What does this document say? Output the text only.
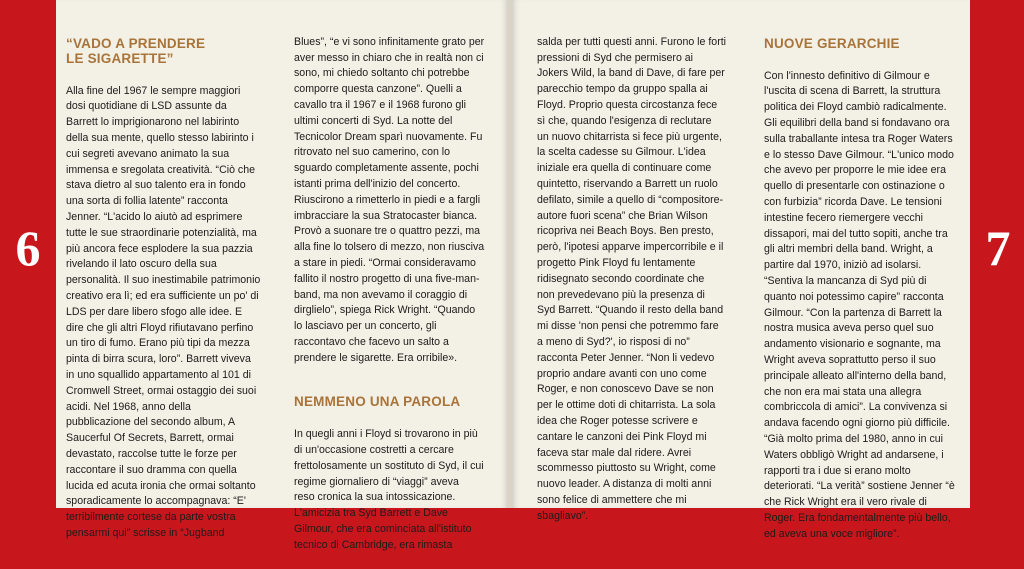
6	7

“VADO A PRENDERE
LE SIGARETTE”

Alla fine del 1967 le sempre maggiori
dosi quotidiane di LSD assunte da
Barrett lo imprigionarono nel labirinto
della sua mente, quello stesso labirinto i
cui segreti avevano animato la sua
immensa e sregolata creatività. “Ciò che
stava dietro al suo talento era in fondo
una sorta di follia latente” racconta
Jenner. “L'acido lo aiutò ad esprimere
tutte le sue straordinarie potenzialità, ma
più ancora fece esplodere la sua pazzia
rivelando il lato oscuro della sua
personalità. Il suo inestimabile patrimonio
creativo era lì; ed era sufficiente un po' di
LDS per dare libero sfogo alle idee. E
dire che gli altri Floyd rifiutavano perfino
un tiro di fumo. Erano più tipi da mezza
pinta di birra scura, loro”. Barrett viveva
in uno squallido appartamento al 101 di
Cromwell Street, ormai ostaggio dei suoi
acidi. Nel 1968, anno della
pubblicazione del secondo album, A
Saucerful Of Secrets, Barrett, ormai
devastato, raccolse tutte le forze per
raccontare il suo dramma con quella
lucida ed acuta ironia che ormai soltanto
sporadicamente lo accompagnava: “E'
terribilmente cortese da parte vostra
pensarmi qui” scrisse in “Jugband

Blues”, “e vi sono infinitamente grato per
aver messo in chiaro che in realtà non ci
sono, mi chiedo soltanto chi potrebbe
comporre questa canzone”. Quelli a
cavallo tra il 1967 e il 1968 furono gli
ultimi concerti di Syd. La notte del
Tecnicolor Dream sparì nuovamente. Fu
ritrovato nel suo camerino, con lo
sguardo completamente assente, pochi
istanti prima dell'inizio del concerto.
Riuscirono a rimetterlo in piedi e a fargli
imbracciare la sua Stratocaster bianca.
Provò a suonare tre o quattro pezzi, ma
alla fine lo tolsero di mezzo, non riusciva
a stare in piedi. “Ormai consideravamo
fallito il nostro progetto di una five-man-
band, ma non avevamo il coraggio di
dirglielo”, spiega Rick Wright. “Quando
lo lasciavo per un concerto, gli
raccontavo che facevo un salto a
prendere le sigarette. Era orribile».

NEMMENO UNA PAROLA

In quegli anni i Floyd si trovarono in più
di un'occasione costretti a cercare
frettolosamente un sostituto di Syd, il cui
regime giornaliero di “viaggi” aveva
reso cronica la sua intossicazione.
L'amicizia tra Syd Barrett e Dave
Gilmour, che era cominciata all'istituto
tecnico di Cambridge, era rimasta

salda per tutti questi anni. Furono le forti
pressioni di Syd che permisero ai
Jokers Wild, la band di Dave, di fare per
parecchio tempo da gruppo spalla ai
Floyd. Proprio questa circostanza fece
sì che, quando l'esigenza di reclutare
un nuovo chitarrista si fece più urgente,
la scelta cadesse su Gilmour. L'idea
iniziale era quella di continuare come
quintetto, riservando a Barrett un ruolo
defilato, simile a quello di “compositore-
autore fuori scena” che Brian Wilson
ricopriva nei Beach Boys. Ben presto,
però, l'ipotesi apparve impercorribile e il
progetto Pink Floyd fu lentamente
ridisegnato secondo coordinate che
non prevedevano più la presenza di
Syd Barrett. “Quando il resto della band
mi disse 'non pensi che potremmo fare
a meno di Syd?', io risposi di no”
racconta Peter Jenner. “Non li vedevo
proprio andare avanti con uno come
Roger, e non conoscevo Dave se non
per le ottime doti di chitarrista. La sola
idea che Roger potesse scrivere e
cantare le canzoni dei Pink Floyd mi
faceva star male dal ridere. Avrei
scommesso piuttosto su Wright, come
nuovo leader. A distanza di molti anni
sono felice di ammettere che mi
sbagliavo”.

NUOVE GERARCHIE

Con l'innesto definitivo di Gilmour e
l'uscita di scena di Barrett, la struttura
politica dei Floyd cambiò radicalmente.
Gli equilibri della band si fondavano ora
sulla traballante intesa tra Roger Waters
e lo stesso Dave Gilmour. “L'unico modo
che avevo per proporre le mie idee era
quello di presentarle con ostinazione o
con furbizia” ricorda Dave. Le tensioni
intestine fecero riemergere vecchi
dissapori, mai del tutto sopiti, anche tra
gli altri membri della band. Wright, a
partire dal 1970, iniziò ad isolarsi.
“Sentiva la mancanza di Syd più di
quanto noi potessimo capire” racconta
Gilmour. “Con la partenza di Barrett la
nostra musica aveva perso quel suo
andamento visionario e sognante, ma
Wright aveva soprattutto perso il suo
principale alleato all'interno della band,
che non era mai stata una allegra
combriccola di amici”. La convivenza si
andava facendo ogni giorno più difficile.
“Già molto prima del 1980, anno in cui
Waters obbligò Wright ad andarsene, i
rapporti tra i due si erano molto
deteriorati. “La verità” sostiene Jenner “è
che Rick Wright era il vero rivale di
Roger. Era fondamentalmente più bello,
ed aveva una voce migliore”.
